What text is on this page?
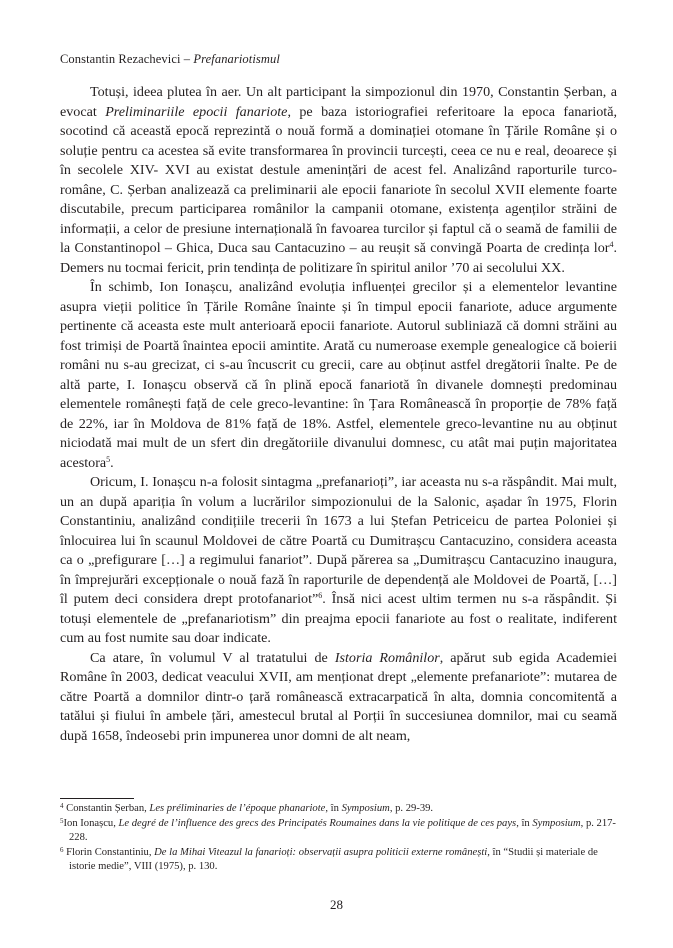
Constantin Rezachevici – Prefanariotismul

Totuși, ideea plutea în aer. Un alt participant la simpozionul din 1970, Constantin Șerban, a evocat Preliminariile epocii fanariote, pe baza istoriografiei referitoare la epoca fanariotă, socotind că această epocă reprezintă o nouă formă a dominației otomane în Țările Române și o soluție pentru ca acestea să evite transformarea în provincii turcești, ceea ce nu e real, deoarece și în secolele XIV- XVI au existat destule amenințări de acest fel. Analizând raporturile turco-române, C. Șerban analizează ca preliminarii ale epocii fanariote în secolul XVII elemente foarte discutabile, precum participarea românilor la campanii otomane, existența agenților străini de informații, a celor de presiune internațională în favoarea turcilor și faptul că o seamă de familii de la Constantinopol – Ghica, Duca sau Cantacuzino – au reușit să convingă Poarta de credința lor$^4$. Demers nu tocmai fericit, prin tendința de politizare în spiritul anilor ’70 ai secolului XX.

În schimb, Ion Ionașcu, analizând evoluția influenței grecilor și a elementelor levantine asupra vieții politice în Țările Române înainte și în timpul epocii fanariote, aduce argumente pertinente că aceasta este mult anterioară epocii fanariote. Autorul subliniază că domni străini au fost trimiși de Poartă înaintea epocii amintite. Arată cu numeroase exemple genealogice că boierii români nu s-au grecizat, ci s-au încuscrit cu grecii, care au obținut astfel dregătorii înalte. Pe de altă parte, I. Ionașcu observă că în plină epocă fanariotă în divanele domnești predominau elementele românești față de cele greco-levantine: în Țara Românească în proporție de 78% față de 22%, iar în Moldova de 81% față de 18%. Astfel, elementele greco-levantine nu au obținut niciodată mai mult de un sfert din dregătoriile divanului domnesc, cu atât mai puțin majoritatea acestora$^5$.

Oricum, I. Ionașcu n-a folosit sintagma „prefanarioți”, iar aceasta nu s-a răspândit. Mai mult, un an după apariția în volum a lucrărilor simpozionului de la Salonic, așadar în 1975, Florin Constantiniu, analizând condițiile trecerii în 1673 a lui Ștefan Petriceicu de partea Poloniei și înlocuirea lui în scaunul Moldovei de către Poartă cu Dumitrașcu Cantacuzino, considera aceasta ca o „prefigurare […] a regimului fanariot”. După părerea sa „Dumitrașcu Cantacuzino inaugura, în împrejurări excepționale o nouă fază în raporturile de dependență ale Moldovei de Poartă, […] îl putem deci considera drept protofanariot”$^6$. Însă nici acest ultim termen nu s-a răspândit. Și totuși elementele de „prefanariotism” din preajma epocii fanariote au fost o realitate, indiferent cum au fost numite sau doar indicate.

Ca atare, în volumul V al tratatului de Istoria Românilor, apărut sub egida Academiei Române în 2003, dedicat veacului XVII, am menționat drept „elemente prefanariote”: mutarea de către Poartă a domnilor dintr-o țară românească extracarpatică în alta, domnia concomitentă a tatălui și fiului în ambele țări, amestecul brutal al Porții în succesiunea domnilor, mai cu seamă după 1658, îndeosebi prin impunerea unor domni de alt neam,

$^4$ Constantin Șerban, Les préliminaries de l’époque phanariote, în Symposium, p. 29-39.

$^5$Ion Ionașcu, Le degré de l’influence des grecs des Principatés Roumaines dans la vie politique de ces pays, în Symposium, p. 217-228.

$^6$ Florin Constantiniu, De la Mihai Viteazul la fanarioți: observații asupra politicii externe românești, în “Studii și materiale de istorie medie”, VIII (1975), p. 130.

28
